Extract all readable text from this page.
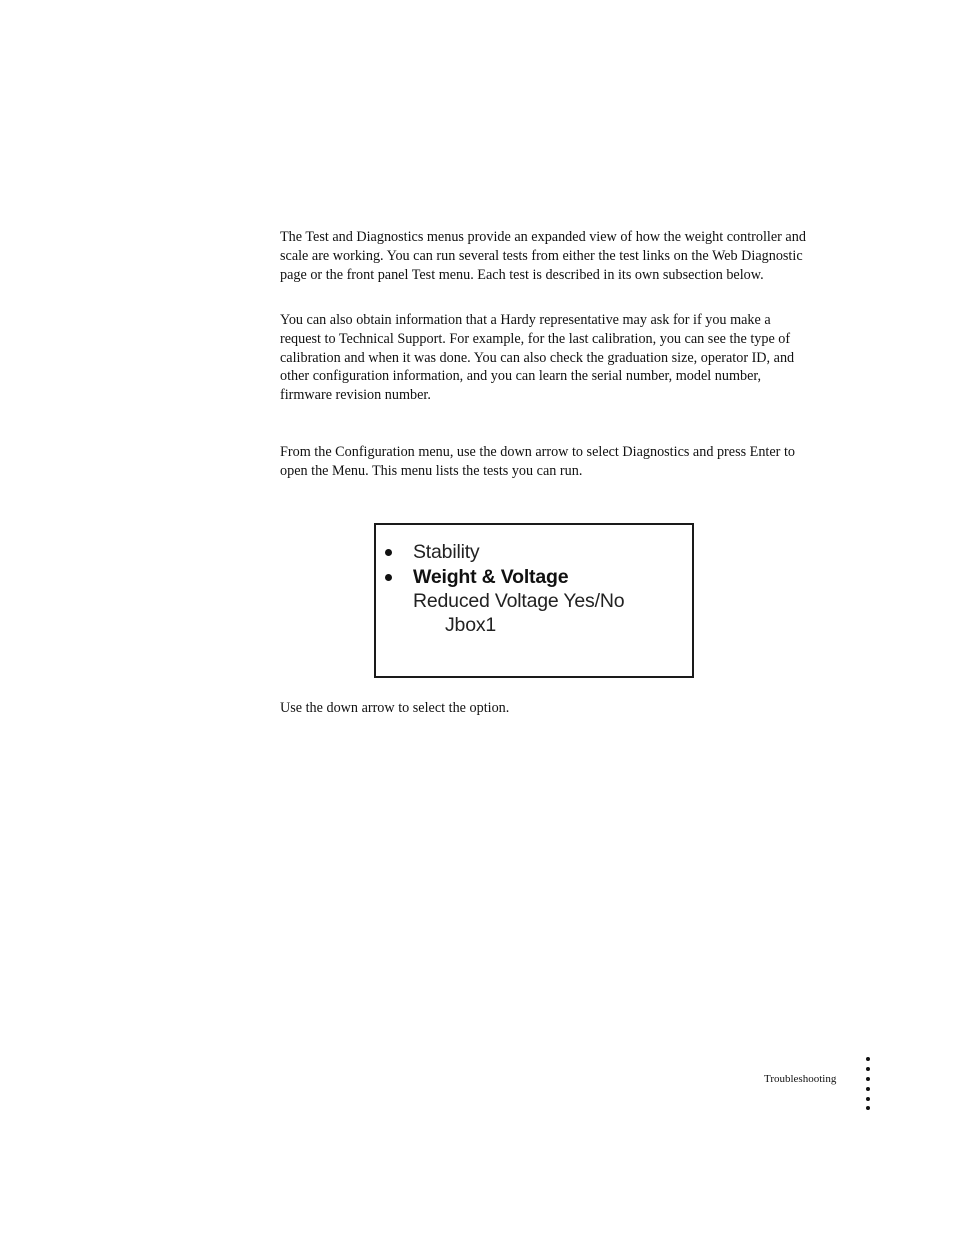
The Test and Diagnostics menus provide an expanded view of how the weight controller and scale are working. You can run several tests from either the test links on the Web Diagnostic page or the front panel Test menu. Each test is described in its own subsection below.

You can also obtain information that a Hardy representative may ask for if you make a request to Technical Support. For example, for the last calibration, you can see the type of calibration and when it was done. You can also check the graduation size, operator ID, and other configuration information, and you can learn the serial number, model number, firmware revision number.

From the Configuration menu, use the down arrow to select Diagnostics and press Enter to open the Menu. This menu lists the tests you can run.

Stability
Weight & Voltage
Reduced Voltage Yes/No
Jbox1

Use the down arrow to select the option.

Troubleshooting
